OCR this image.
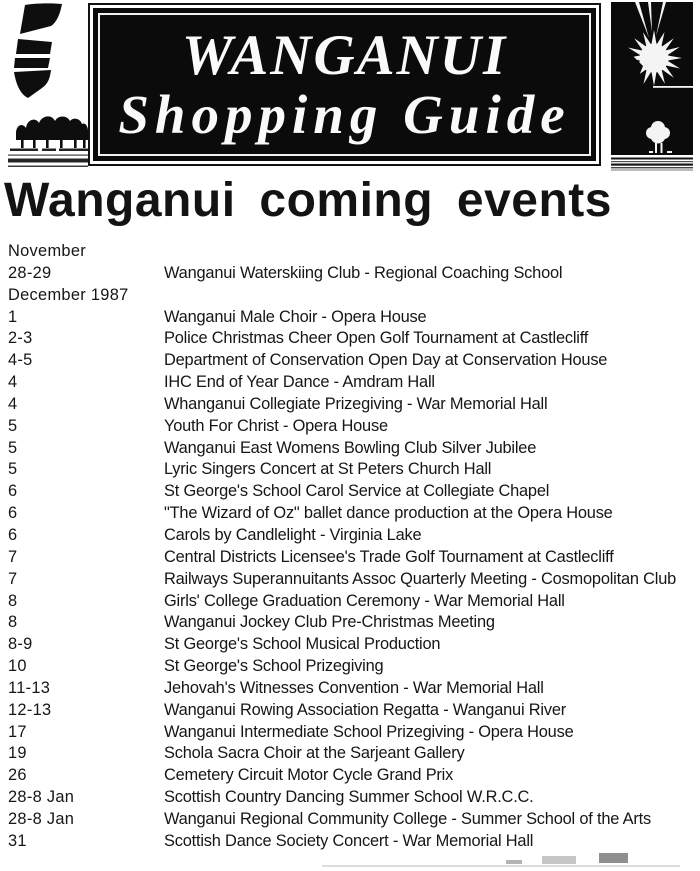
WANGANUI
Shopping Guide
Wanganui coming events
November
28-29	Wanganui Waterskiing Club - Regional Coaching School
December 1987
1	Wanganui Male Choir - Opera House
2-3	Police Christmas Cheer Open Golf Tournament at Castlecliff
4-5	Department of Conservation Open Day at Conservation House
4	IHC End of Year Dance - Amdram Hall
4	Whanganui Collegiate Prizegiving - War Memorial Hall
5	Youth For Christ - Opera House
5	Wanganui East Womens Bowling Club Silver Jubilee
5	Lyric Singers Concert at St Peters Church Hall
6	St George's School Carol Service at Collegiate Chapel
6	"The Wizard of Oz" ballet dance production at the Opera House
6	Carols by Candlelight - Virginia Lake
7	Central Districts Licensee's Trade Golf Tournament at Castlecliff
7	Railways Superannuitants Assoc Quarterly Meeting - Cosmopolitan Club
8	Girls' College Graduation Ceremony - War Memorial Hall
8	Wanganui Jockey Club Pre-Christmas Meeting
8-9	St George's School Musical Production
10	St George's School Prizegiving
11-13	Jehovah's Witnesses Convention - War Memorial Hall
12-13	Wanganui Rowing Association Regatta - Wanganui River
17	Wanganui Intermediate School Prizegiving - Opera House
19	Schola Sacra Choir at the Sarjeant Gallery
26	Cemetery Circuit Motor Cycle Grand Prix
28-8 Jan	Scottish Country Dancing Summer School W.R.C.C.
28-8 Jan	Wanganui Regional Community College - Summer School of the Arts
31	Scottish Dance Society Concert - War Memorial Hall
